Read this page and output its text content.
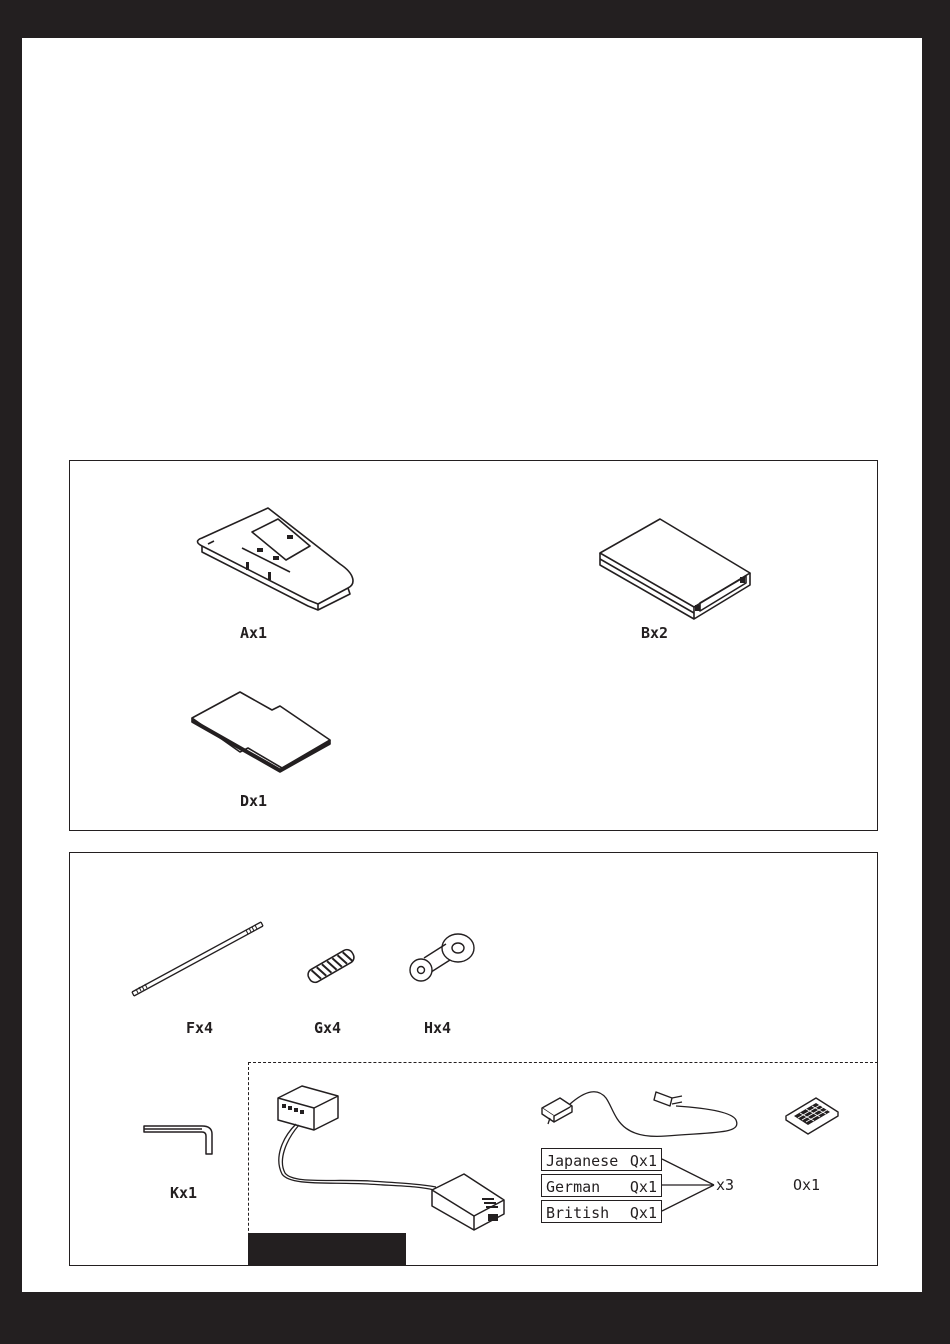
Ax1	Bx2
Dx1
Fx4	Gx4	Hx4
Kx1
Japanese Qx1
German Qx1
British Qx1
x3	Ox1
